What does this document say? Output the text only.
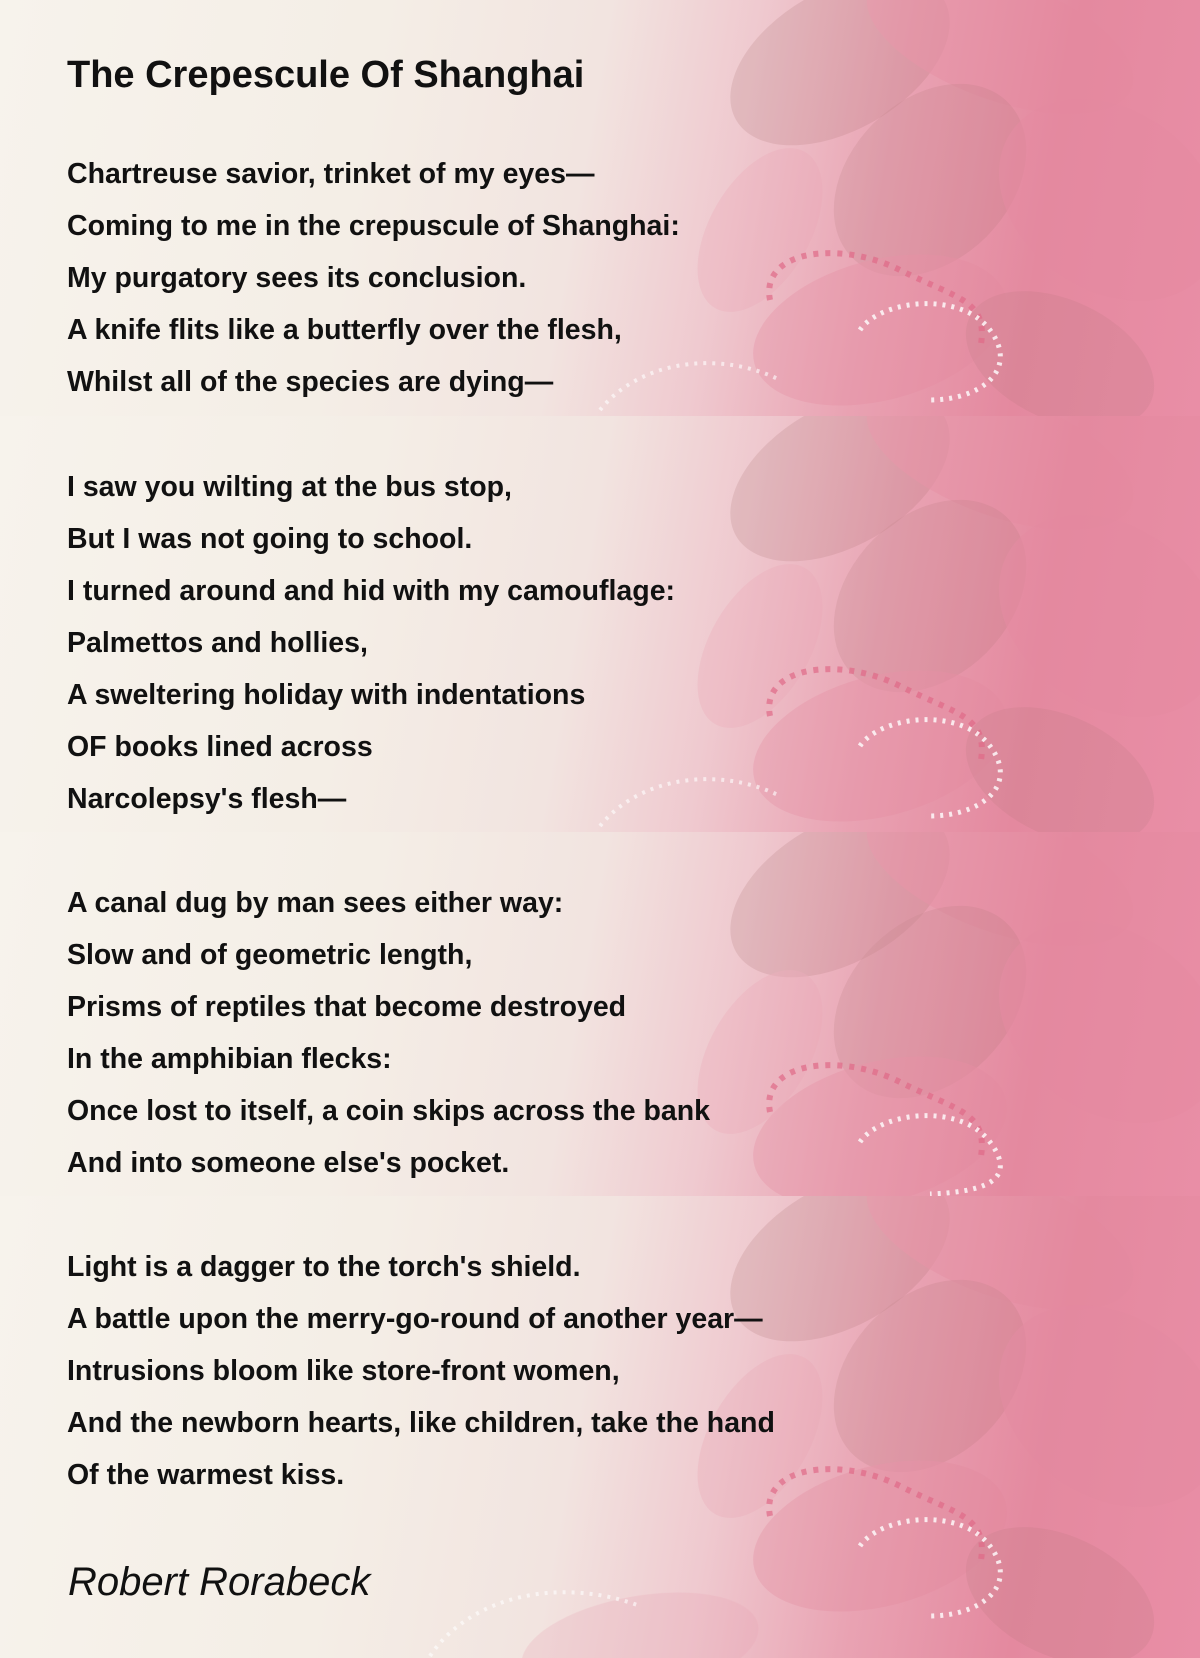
The Crepescule Of Shanghai
Chartreuse savior, trinket of my eyes—
Coming to me in the crepuscule of Shanghai:
My purgatory sees its conclusion.
A knife flits like a butterfly over the flesh,
Whilst all of the species are dying—
I saw you wilting at the bus stop,
But I was not going to school.
I turned around and hid with my camouflage:
Palmettos and hollies,
A sweltering holiday with indentations
OF books lined across
Narcolepsy's flesh—
A canal dug by man sees either way:
Slow and of geometric length,
Prisms of reptiles that become destroyed
In the amphibian flecks:
Once lost to itself, a coin skips across the bank
And into someone else's pocket.
Light is a dagger to the torch's shield.
A battle upon the merry-go-round of another year—
Intrusions bloom like store-front women,
And the newborn hearts, like children, take the hand
Of the warmest kiss.
Robert Rorabeck
